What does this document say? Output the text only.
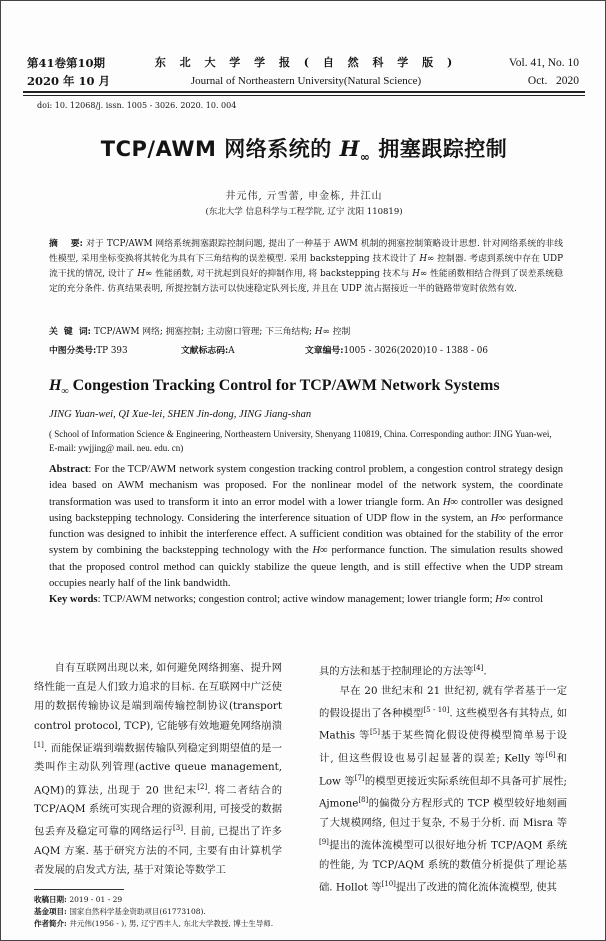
第41卷第10期
2020 年 10 月
东 北 大 学 学 报 ( 自 然 科 学 版 )
Journal of Northeastern University(Natural Science)
Vol. 41, No. 10
Oct.   2020
doi: 10. 12068/j. issn. 1005 - 3026. 2020. 10. 004
TCP/AWM 网络系统的 $H_\infty$ 拥塞跟踪控制
井元伟, 亓雪蕾, 申金栋, 井江山
(东北大学 信息科学与工程学院, 辽宁 沈阳 110819)
摘    要: 对于 TCP/AWM 网络系统拥塞跟踪控制问题, 提出了一种基于 AWM 机制的拥塞控制策略设计思想. 针对网络系统的非线性模型, 采用坐标变换将其转化为具有下三角结构的误差模型. 采用 backstepping 技术设计了 H∞ 控制器. 考虑到系统中存在 UDP 流干扰的情况, 设计了 H∞ 性能函数, 对干扰起到良好的抑制作用, 将 backstepping 技术与 H∞ 性能函数相结合得到了误差系统稳定的充分条件. 仿真结果表明, 所提控制方法可以快速稳定队列长度, 并且在 UDP 流占据接近一半的链路带宽时依然有效.
关  键  词: TCP/AWM 网络; 拥塞控制; 主动窗口管理; 下三角结构; H∞ 控制
中图分类号:TP 393	文献标志码:A	文章编号:1005 - 3026(2020)10 - 1388 - 06
$H_\infty$ Congestion Tracking Control for TCP/AWM Network Systems
JING Yuan-wei, QI Xue-lei, SHEN Jin-dong, JING Jiang-shan
( School of Information Science & Engineering, Northeastern University, Shenyang 110819, China. Corresponding author: JING Yuan-wei, E-mail: ywjjing@ mail. neu. edu. cn)
Abstract: For the TCP/AWM network system congestion tracking control problem, a congestion control strategy design idea based on AWM mechanism was proposed. For the nonlinear model of the network system, the coordinate transformation was used to transform it into an error model with a lower triangle form. An H∞ controller was designed using backstepping technology. Considering the interference situation of UDP flow in the system, an H∞ performance function was designed to inhibit the interference effect. A sufficient condition was obtained for the stability of the error system by combining the backstepping technology with the H∞ performance function. The simulation results showed that the proposed control method can quickly stabilize the queue length, and is still effective when the UDP stream occupies nearly half of the link bandwidth.
Key words: TCP/AWM networks; congestion control; active window management; lower triangle form; H∞ control

自有互联网出现以来, 如何避免网络拥塞、提升网络性能一直是人们致力追求的目标. 在互联网中广泛使用的数据传输协议是端到端传输控制协议(transport control protocol, TCP), 它能够有效地避免网络崩溃[1]. 而能保证端到端数据传输队列稳定到期望值的是一类叫作主动队列管理(active queue management, AQM)的算法, 出现于 20 世纪末[2]. 将二者结合的 TCP/AQM 系统可实现合理的资源利用, 可接受的数据包丢弃及稳定可靠的网络运行[3]. 目前, 已提出了许多 AQM 方案. 基于研究方法的不同, 主要有由计算机学者发展的启发式方法, 基于对策论等数学工

具的方法和基于控制理论的方法等[4].

早在 20 世纪末和 21 世纪初, 就有学者基于一定的假设提出了各种模型[5 - 10]. 这些模型各有其特点, 如 Mathis 等[5]基于某些简化假设使得模型简单易于设计, 但这些假设也易引起显著的误差; Kelly 等[6]和 Low 等[7]的模型更接近实际系统但却不具备可扩展性; Ajmone[8]的偏微分方程形式的 TCP 模型较好地刻画了大规模网络, 但过于复杂, 不易于分析. 而 Misra 等[9]提出的流体流模型可以很好地分析 TCP/AQM 系统的性能, 为 TCP/AQM 系统的数值分析提供了理论基础. Hollot 等[10]提出了改进的简化流体流模型, 使其

收稿日期: 2019 - 01 - 29
基金项目: 国家自然科学基金资助项目(61773108).
作者简介: 井元伟(1956 - ), 男, 辽宁西丰人, 东北大学教授, 博士生导师.
